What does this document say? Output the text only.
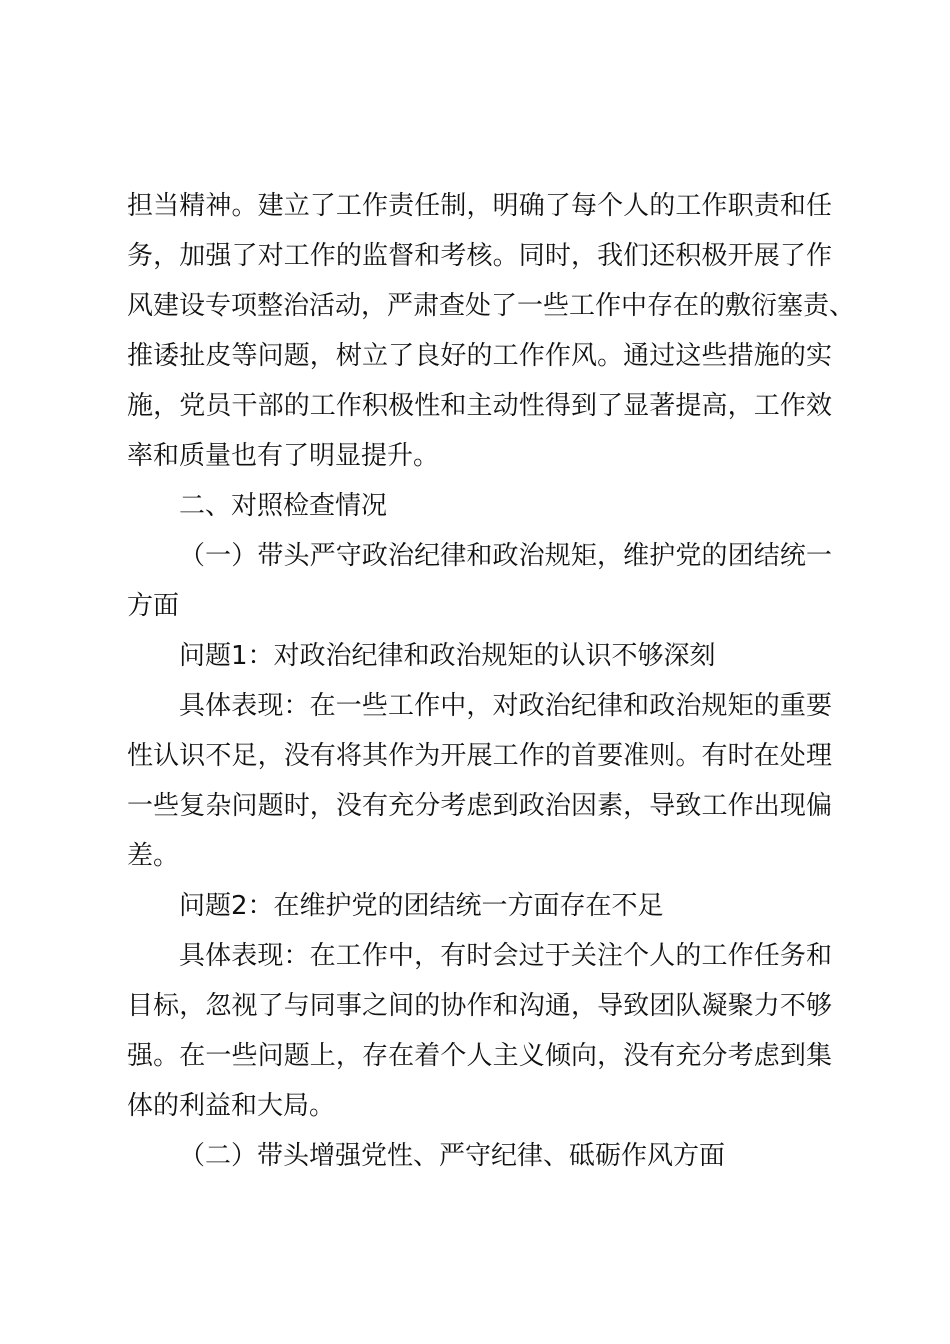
担当精神。建立了工作责任制，明确了每个人的工作职责和任
务，加强了对工作的监督和考核。同时，我们还积极开展了作
风建设专项整治活动，严肃查处了一些工作中存在的敷衍塞责、
推诿扯皮等问题，树立了良好的工作作风。通过这些措施的实
施，党员干部的工作积极性和主动性得到了显著提高，工作效
率和质量也有了明显提升。
二、对照检查情况
（一）带头严守政治纪律和政治规矩，维护党的团结统一
方面
问题1：对政治纪律和政治规矩的认识不够深刻
具体表现：在一些工作中，对政治纪律和政治规矩的重要
性认识不足，没有将其作为开展工作的首要准则。有时在处理
一些复杂问题时，没有充分考虑到政治因素，导致工作出现偏
差。
问题2：在维护党的团结统一方面存在不足
具体表现：在工作中，有时会过于关注个人的工作任务和
目标，忽视了与同事之间的协作和沟通，导致团队凝聚力不够
强。在一些问题上，存在着个人主义倾向，没有充分考虑到集
体的利益和大局。
（二）带头增强党性、严守纪律、砥砺作风方面
